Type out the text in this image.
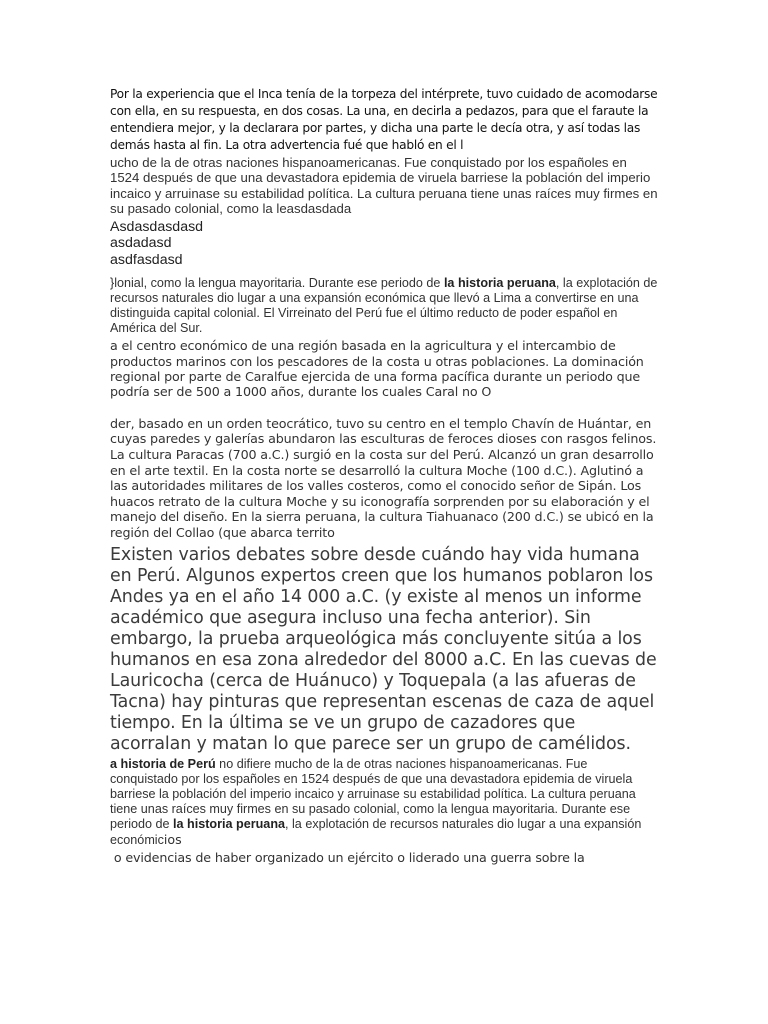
Por la experiencia que el Inca tenía de la torpeza del intérprete, tuvo cuidado de acomodarse con ella, en su respuesta, en dos cosas. La una, en decirla a pedazos, para que el faraute la entendiera mejor, y la declarara por partes, y dicha una parte le decía otra, y así todas las demás hasta al fin. La otra advertencia fué que habló en el l

ucho de la de otras naciones hispanoamericanas. Fue conquistado por los españoles en 1524 después de que una devastadora epidemia de viruela barriese la población del imperio incaico y arruinase su estabilidad política. La cultura peruana tiene unas raíces muy firmes en su pasado colonial, como la leasdasdada

Asdasdasdasd

asdadasd

asdfasdasd

}lonial, como la lengua mayoritaria. Durante ese periodo de la historia peruana, la explotación de recursos naturales dio lugar a una expansión económica que llevó a Lima a convertirse en una distinguida capital colonial. El Virreinato del Perú fue el último reducto de poder español en América del Sur.

a el centro económico de una región basada en la agricultura y el intercambio de productos marinos con los pescadores de la costa u otras poblaciones. La dominación regional por parte de Caralfue ejercida de una forma pacífica durante un periodo que podría ser de 500 a 1000 años, durante los cuales Caral no O

der, basado en un orden teocrático, tuvo su centro en el templo Chavín de Huántar, en cuyas paredes y galerías abundaron las esculturas de feroces dioses con rasgos felinos. La cultura Paracas (700 a.C.) surgió en la costa sur del Perú. Alcanzó un gran desarrollo en el arte textil. En la costa norte se desarrolló la cultura Moche (100 d.C.). Aglutinó a las autoridades militares de los valles costeros, como el conocido señor de Sipán. Los huacos retrato de la cultura Moche y su iconografía sorprenden por su elaboración y el manejo del diseño. En la sierra peruana, la cultura Tiahuanaco (200 d.C.) se ubicó en la región del Collao (que abarca territo

Existen varios debates sobre desde cuándo hay vida humana en Perú. Algunos expertos creen que los humanos poblaron los Andes ya en el año 14 000 a.C. (y existe al menos un informe académico que asegura incluso una fecha anterior). Sin embargo, la prueba arqueológica más concluyente sitúa a los humanos en esa zona alrededor del 8000 a.C. En las cuevas de Lauricocha (cerca de Huánuco) y Toquepala (a las afueras de Tacna) hay pinturas que representan escenas de caza de aquel tiempo. En la última se ve un grupo de cazadores que acorralan y matan lo que parece ser un grupo de camélidos.

a historia de Perú no difiere mucho de la de otras naciones hispanoamericanas. Fue conquistado por los españoles en 1524 después de que una devastadora epidemia de viruela barriese la población del imperio incaico y arruinase su estabilidad política. La cultura peruana tiene unas raíces muy firmes en su pasado colonial, como la lengua mayoritaria. Durante ese periodo de la historia peruana, la explotación de recursos naturales dio lugar a una expansión económicios

o evidencias de haber organizado un ejército o liderado una guerra sobre la
